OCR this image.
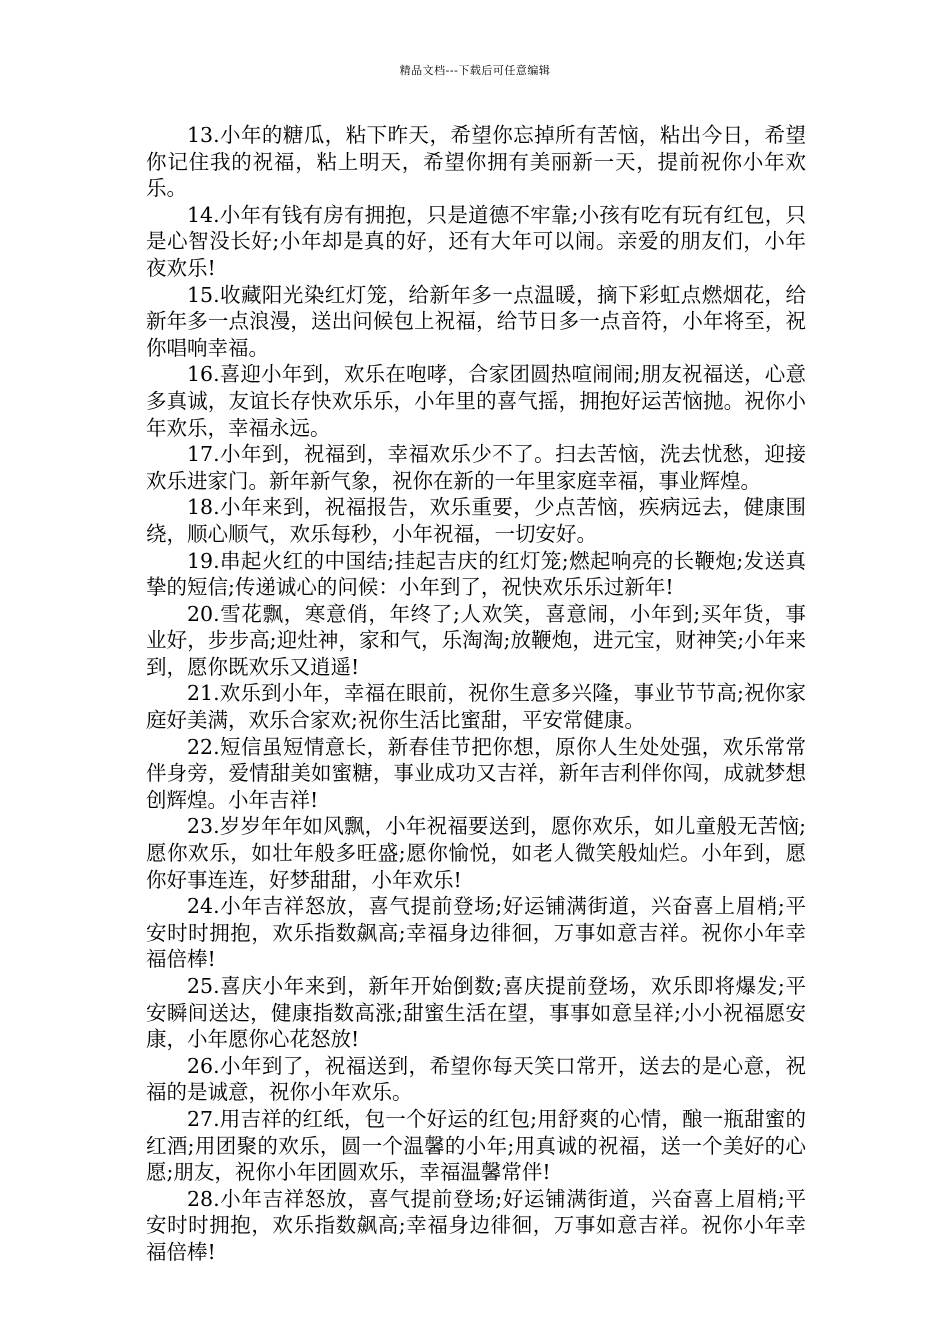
精品文档---下载后可任意编辑

13.小年的糖瓜，粘下昨天，希望你忘掉所有苦恼，粘出今日，希望你记住我的祝福，粘上明天，希望你拥有美丽新一天，提前祝你小年欢乐。

14.小年有钱有房有拥抱，只是道德不牢靠;小孩有吃有玩有红包，只是心智没长好;小年却是真的好，还有大年可以闹。亲爱的朋友们，小年夜欢乐!

15.收藏阳光染红灯笼，给新年多一点温暖，摘下彩虹点燃烟花，给新年多一点浪漫，送出问候包上祝福，给节日多一点音符，小年将至，祝你唱响幸福。

16.喜迎小年到，欢乐在咆哮，合家团圆热喧闹闹;朋友祝福送，心意多真诚，友谊长存快欢乐乐，小年里的喜气摇，拥抱好运苦恼抛。祝你小年欢乐，幸福永远。

17.小年到，祝福到，幸福欢乐少不了。扫去苦恼，洗去忧愁，迎接欢乐进家门。新年新气象，祝你在新的一年里家庭幸福，事业辉煌。

18.小年来到，祝福报告，欢乐重要，少点苦恼，疾病远去，健康围绕，顺心顺气，欢乐每秒，小年祝福，一切安好。

19.串起火红的中国结;挂起吉庆的红灯笼;燃起响亮的长鞭炮;发送真挚的短信;传递诚心的问候：小年到了，祝快欢乐乐过新年!

20.雪花飘，寒意俏，年终了;人欢笑，喜意闹，小年到;买年货，事业好，步步高;迎灶神，家和气，乐淘淘;放鞭炮，进元宝，财神笑;小年来到，愿你既欢乐又逍遥!

21.欢乐到小年，幸福在眼前，祝你生意多兴隆，事业节节高;祝你家庭好美满，欢乐合家欢;祝你生活比蜜甜，平安常健康。

22.短信虽短情意长，新春佳节把你想，原你人生处处强，欢乐常常伴身旁，爱情甜美如蜜糖，事业成功又吉祥，新年吉利伴你闯，成就梦想创辉煌。小年吉祥!

23.岁岁年年如风飘，小年祝福要送到，愿你欢乐，如儿童般无苦恼;愿你欢乐，如壮年般多旺盛;愿你愉悦，如老人微笑般灿烂。小年到，愿你好事连连，好梦甜甜，小年欢乐!

24.小年吉祥怒放，喜气提前登场;好运铺满街道，兴奋喜上眉梢;平安时时拥抱，欢乐指数飙高;幸福身边徘徊，万事如意吉祥。祝你小年幸福倍棒!

25.喜庆小年来到，新年开始倒数;喜庆提前登场，欢乐即将爆发;平安瞬间送达，健康指数高涨;甜蜜生活在望，事事如意呈祥;小小祝福愿安康，小年愿你心花怒放!

26.小年到了，祝福送到，希望你每天笑口常开，送去的是心意，祝福的是诚意，祝你小年欢乐。

27.用吉祥的红纸，包一个好运的红包;用舒爽的心情，酿一瓶甜蜜的红酒;用团聚的欢乐，圆一个温馨的小年;用真诚的祝福，送一个美好的心愿;朋友，祝你小年团圆欢乐，幸福温馨常伴!

28.小年吉祥怒放，喜气提前登场;好运铺满街道，兴奋喜上眉梢;平安时时拥抱，欢乐指数飙高;幸福身边徘徊，万事如意吉祥。祝你小年幸福倍棒!
